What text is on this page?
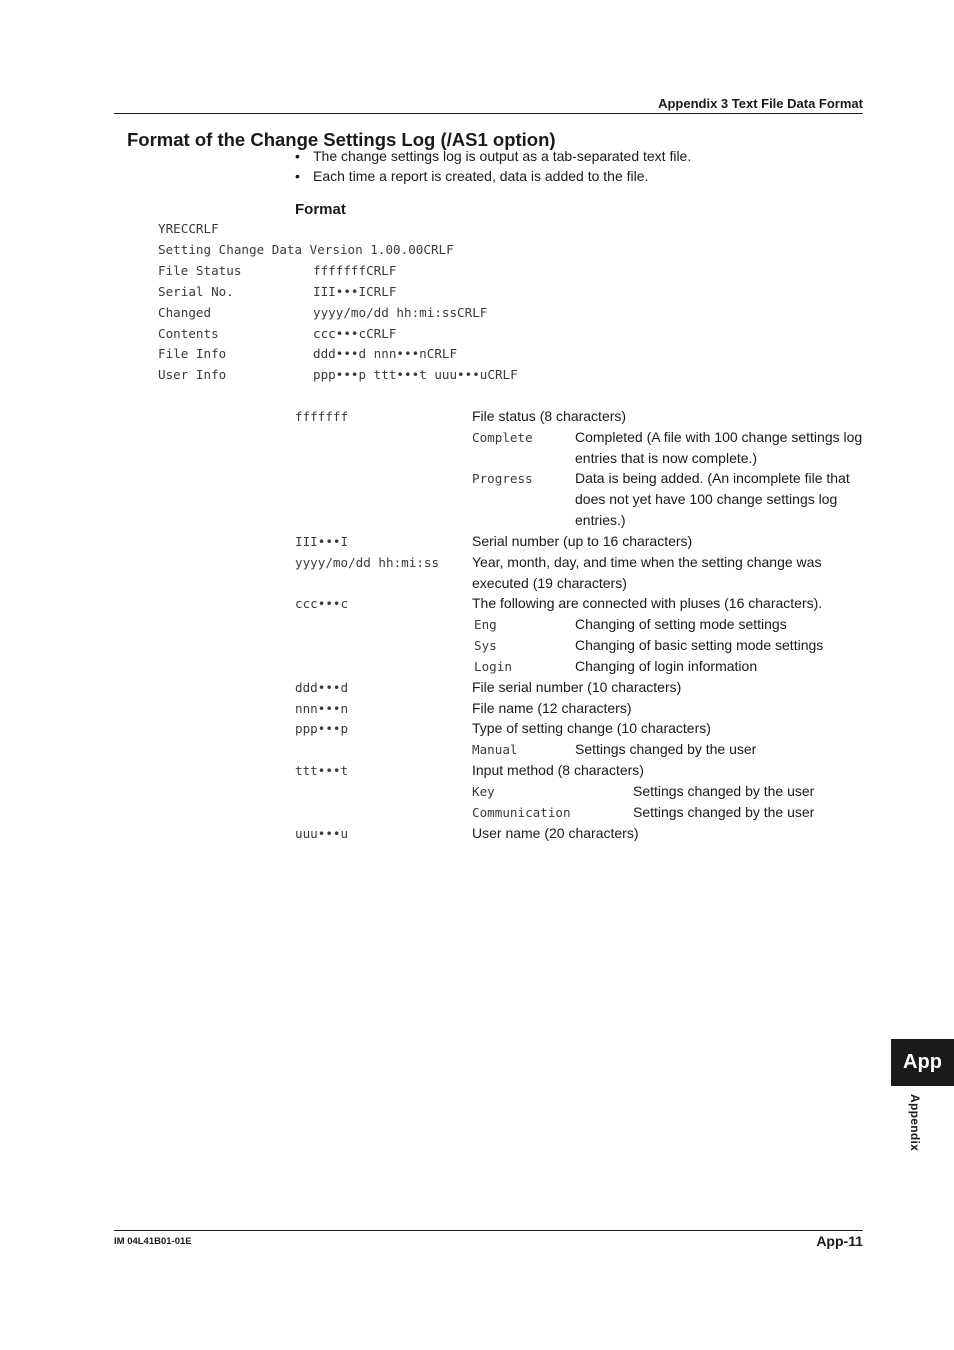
Appendix 3 Text File Data Format
Format of the Change Settings Log (/AS1 option)
• The change settings log is output as a tab-separated text file.
• Each time a report is created, data is added to the file.
Format
YRECCRLF
Setting Change Data Version 1.00.00CRLF
File Status	fffffffCRLF
Serial No.	III•••ICRLF
Changed	yyyy/mo/dd hh:mi:ssCRLF
Contents	ccc•••cCRLF
File Info	ddd•••d nnn•••nCRLF
User Info	ppp•••p ttt•••t uuu•••uCRLF
fffffff	File status (8 characters)
Complete	Completed (A file with 100 change settings log entries that is now complete.)
Progress	Data is being added. (An incomplete file that does not yet have 100 change settings log entries.)
III•••I	Serial number (up to 16 characters)
yyyy/mo/dd hh:mi:ss Year, month, day, and time when the setting change was executed (19 characters)
ccc•••c	The following are connected with pluses (16 characters).
Eng	Changing of setting mode settings
Sys	Changing of basic setting mode settings
Login	Changing of login information
ddd•••d	File serial number (10 characters)
nnn•••n	File name (12 characters)
ppp•••p	Type of setting change (10 characters)
Manual	Settings changed by the user
ttt•••t	Input method (8 characters)
Key	Settings changed by the user
Communication	Settings changed by the user
uuu•••u	User name (20 characters)
App
Appendix
IM 04L41B01-01E	App-11
